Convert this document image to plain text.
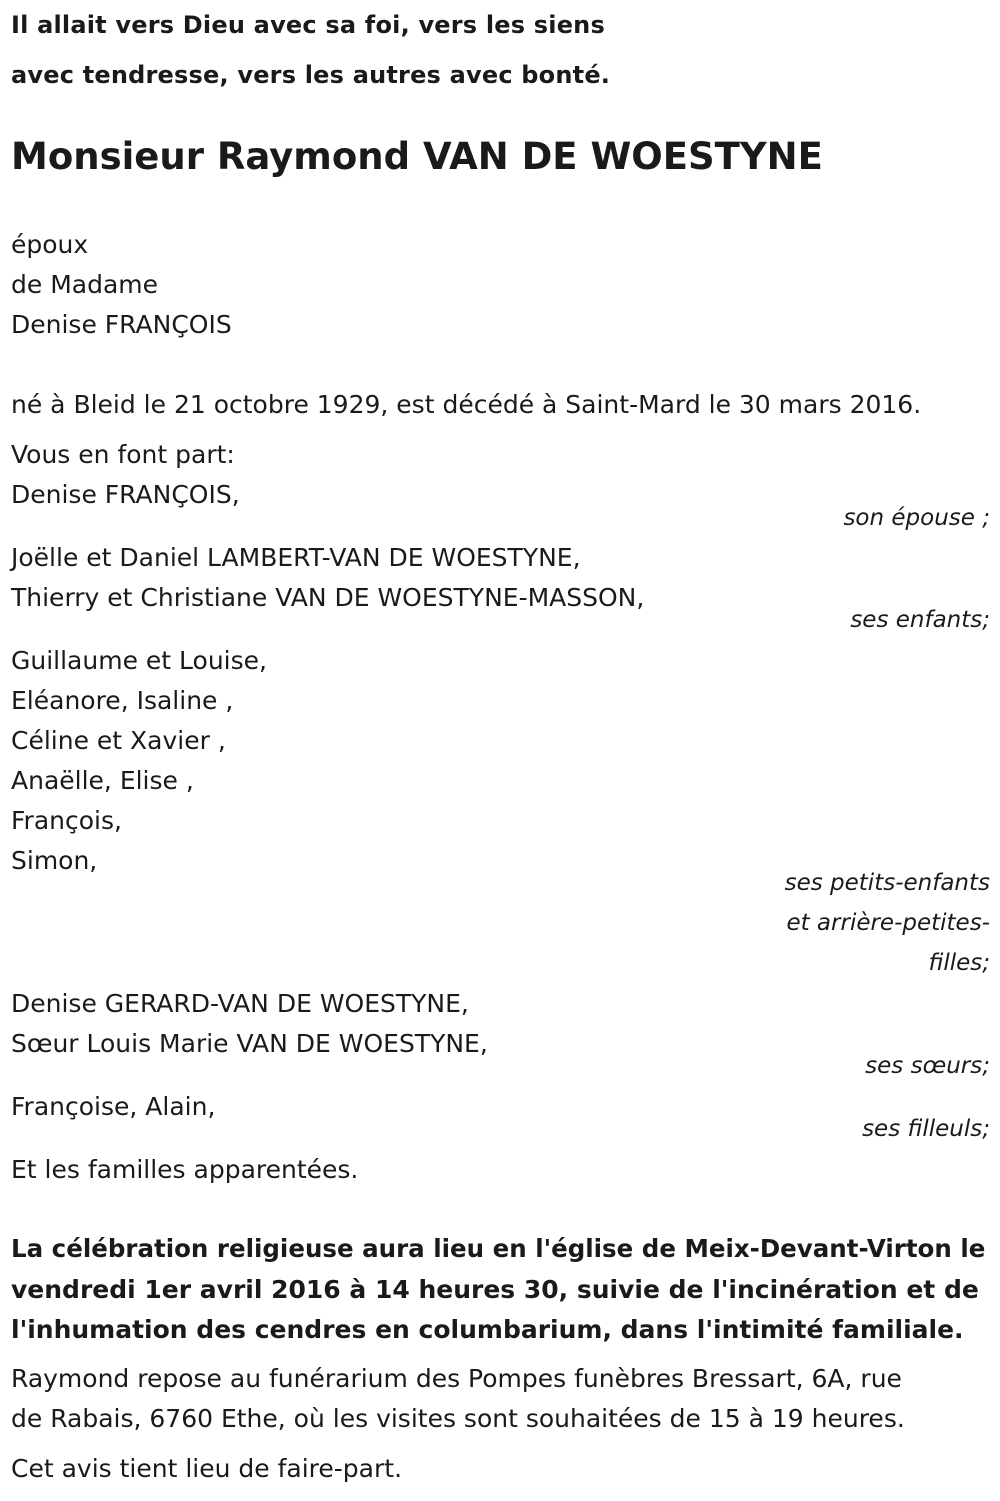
Il allait vers Dieu avec sa foi, vers les siens
avec tendresse, vers les autres avec bonté.
Monsieur Raymond VAN DE WOESTYNE
époux
de Madame
Denise FRANÇOIS
né à Bleid le 21 octobre 1929, est décédé à Saint-Mard le 30 mars 2016.
Vous en font part:
Denise FRANÇOIS,
son épouse ;
Joëlle et Daniel LAMBERT-VAN DE WOESTYNE,
Thierry et Christiane VAN DE WOESTYNE-MASSON,
ses enfants;
Guillaume et Louise,
Eléanore, Isaline ,
Céline et Xavier ,
Anaëlle, Elise ,
François,
Simon,
ses petits-enfants
et arrière-petites-
filles;
Denise GERARD-VAN DE WOESTYNE,
Sœur Louis Marie VAN DE WOESTYNE,
ses sœurs;
Françoise, Alain,
ses filleuls;
Et les familles apparentées.
La célébration religieuse aura lieu en l'église de Meix-Devant-Virton le
vendredi 1er avril 2016 à 14 heures 30, suivie de l'incinération et de
l'inhumation des cendres en columbarium, dans l'intimité familiale.
Raymond repose au funérarium des Pompes funèbres Bressart, 6A, rue
de Rabais, 6760 Ethe, où les visites sont souhaitées de 15 à 19 heures.
Cet avis tient lieu de faire-part.
